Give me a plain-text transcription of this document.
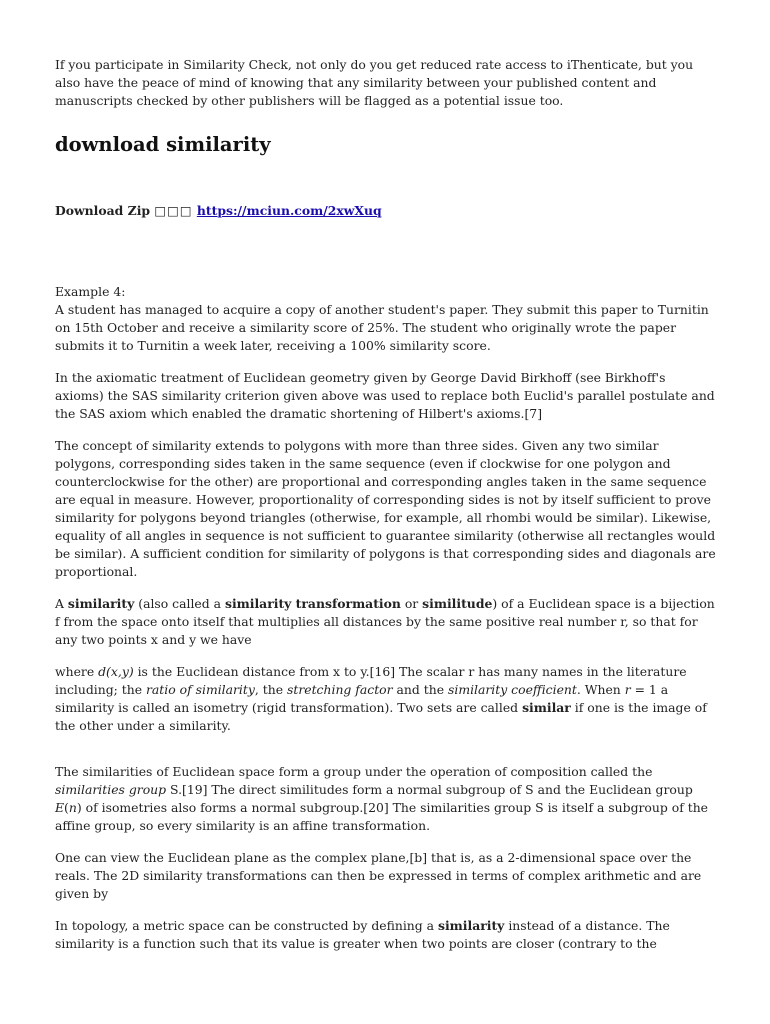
If you participate in Similarity Check, not only do you get reduced rate access to iThenticate, but you also have the peace of mind of knowing that any similarity between your published content and manuscripts checked by other publishers will be flagged as a potential issue too.

download similarity
Download Zip □□□ https://mciun.com/2xwXuq

Example 4:

A student has managed to acquire a copy of another student's paper. They submit this paper to Turnitin on 15th October and receive a similarity score of 25%. The student who originally wrote the paper submits it to Turnitin a week later, receiving a 100% similarity score.

In the axiomatic treatment of Euclidean geometry given by George David Birkhoff (see Birkhoff's axioms) the SAS similarity criterion given above was used to replace both Euclid's parallel postulate and the SAS axiom which enabled the dramatic shortening of Hilbert's axioms.[7]

The concept of similarity extends to polygons with more than three sides. Given any two similar polygons, corresponding sides taken in the same sequence (even if clockwise for one polygon and counterclockwise for the other) are proportional and corresponding angles taken in the same sequence are equal in measure. However, proportionality of corresponding sides is not by itself sufficient to prove similarity for polygons beyond triangles (otherwise, for example, all rhombi would be similar). Likewise, equality of all angles in sequence is not sufficient to guarantee similarity (otherwise all rectangles would be similar). A sufficient condition for similarity of polygons is that corresponding sides and diagonals are proportional.

A similarity (also called a similarity transformation or similitude) of a Euclidean space is a bijection f from the space onto itself that multiplies all distances by the same positive real number r, so that for any two points x and y we have

where d(x,y) is the Euclidean distance from x to y.[16] The scalar r has many names in the literature including; the ratio of similarity, the stretching factor and the similarity coefficient. When r = 1 a similarity is called an isometry (rigid transformation). Two sets are called similar if one is the image of the other under a similarity.

The similarities of Euclidean space form a group under the operation of composition called the similarities group S.[19] The direct similitudes form a normal subgroup of S and the Euclidean group E(n) of isometries also forms a normal subgroup.[20] The similarities group S is itself a subgroup of the affine group, so every similarity is an affine transformation.

One can view the Euclidean plane as the complex plane,[b] that is, as a 2-dimensional space over the reals. The 2D similarity transformations can then be expressed in terms of complex arithmetic and are given by

In topology, a metric space can be constructed by defining a similarity instead of a distance. The similarity is a function such that its value is greater when two points are closer (contrary to the
